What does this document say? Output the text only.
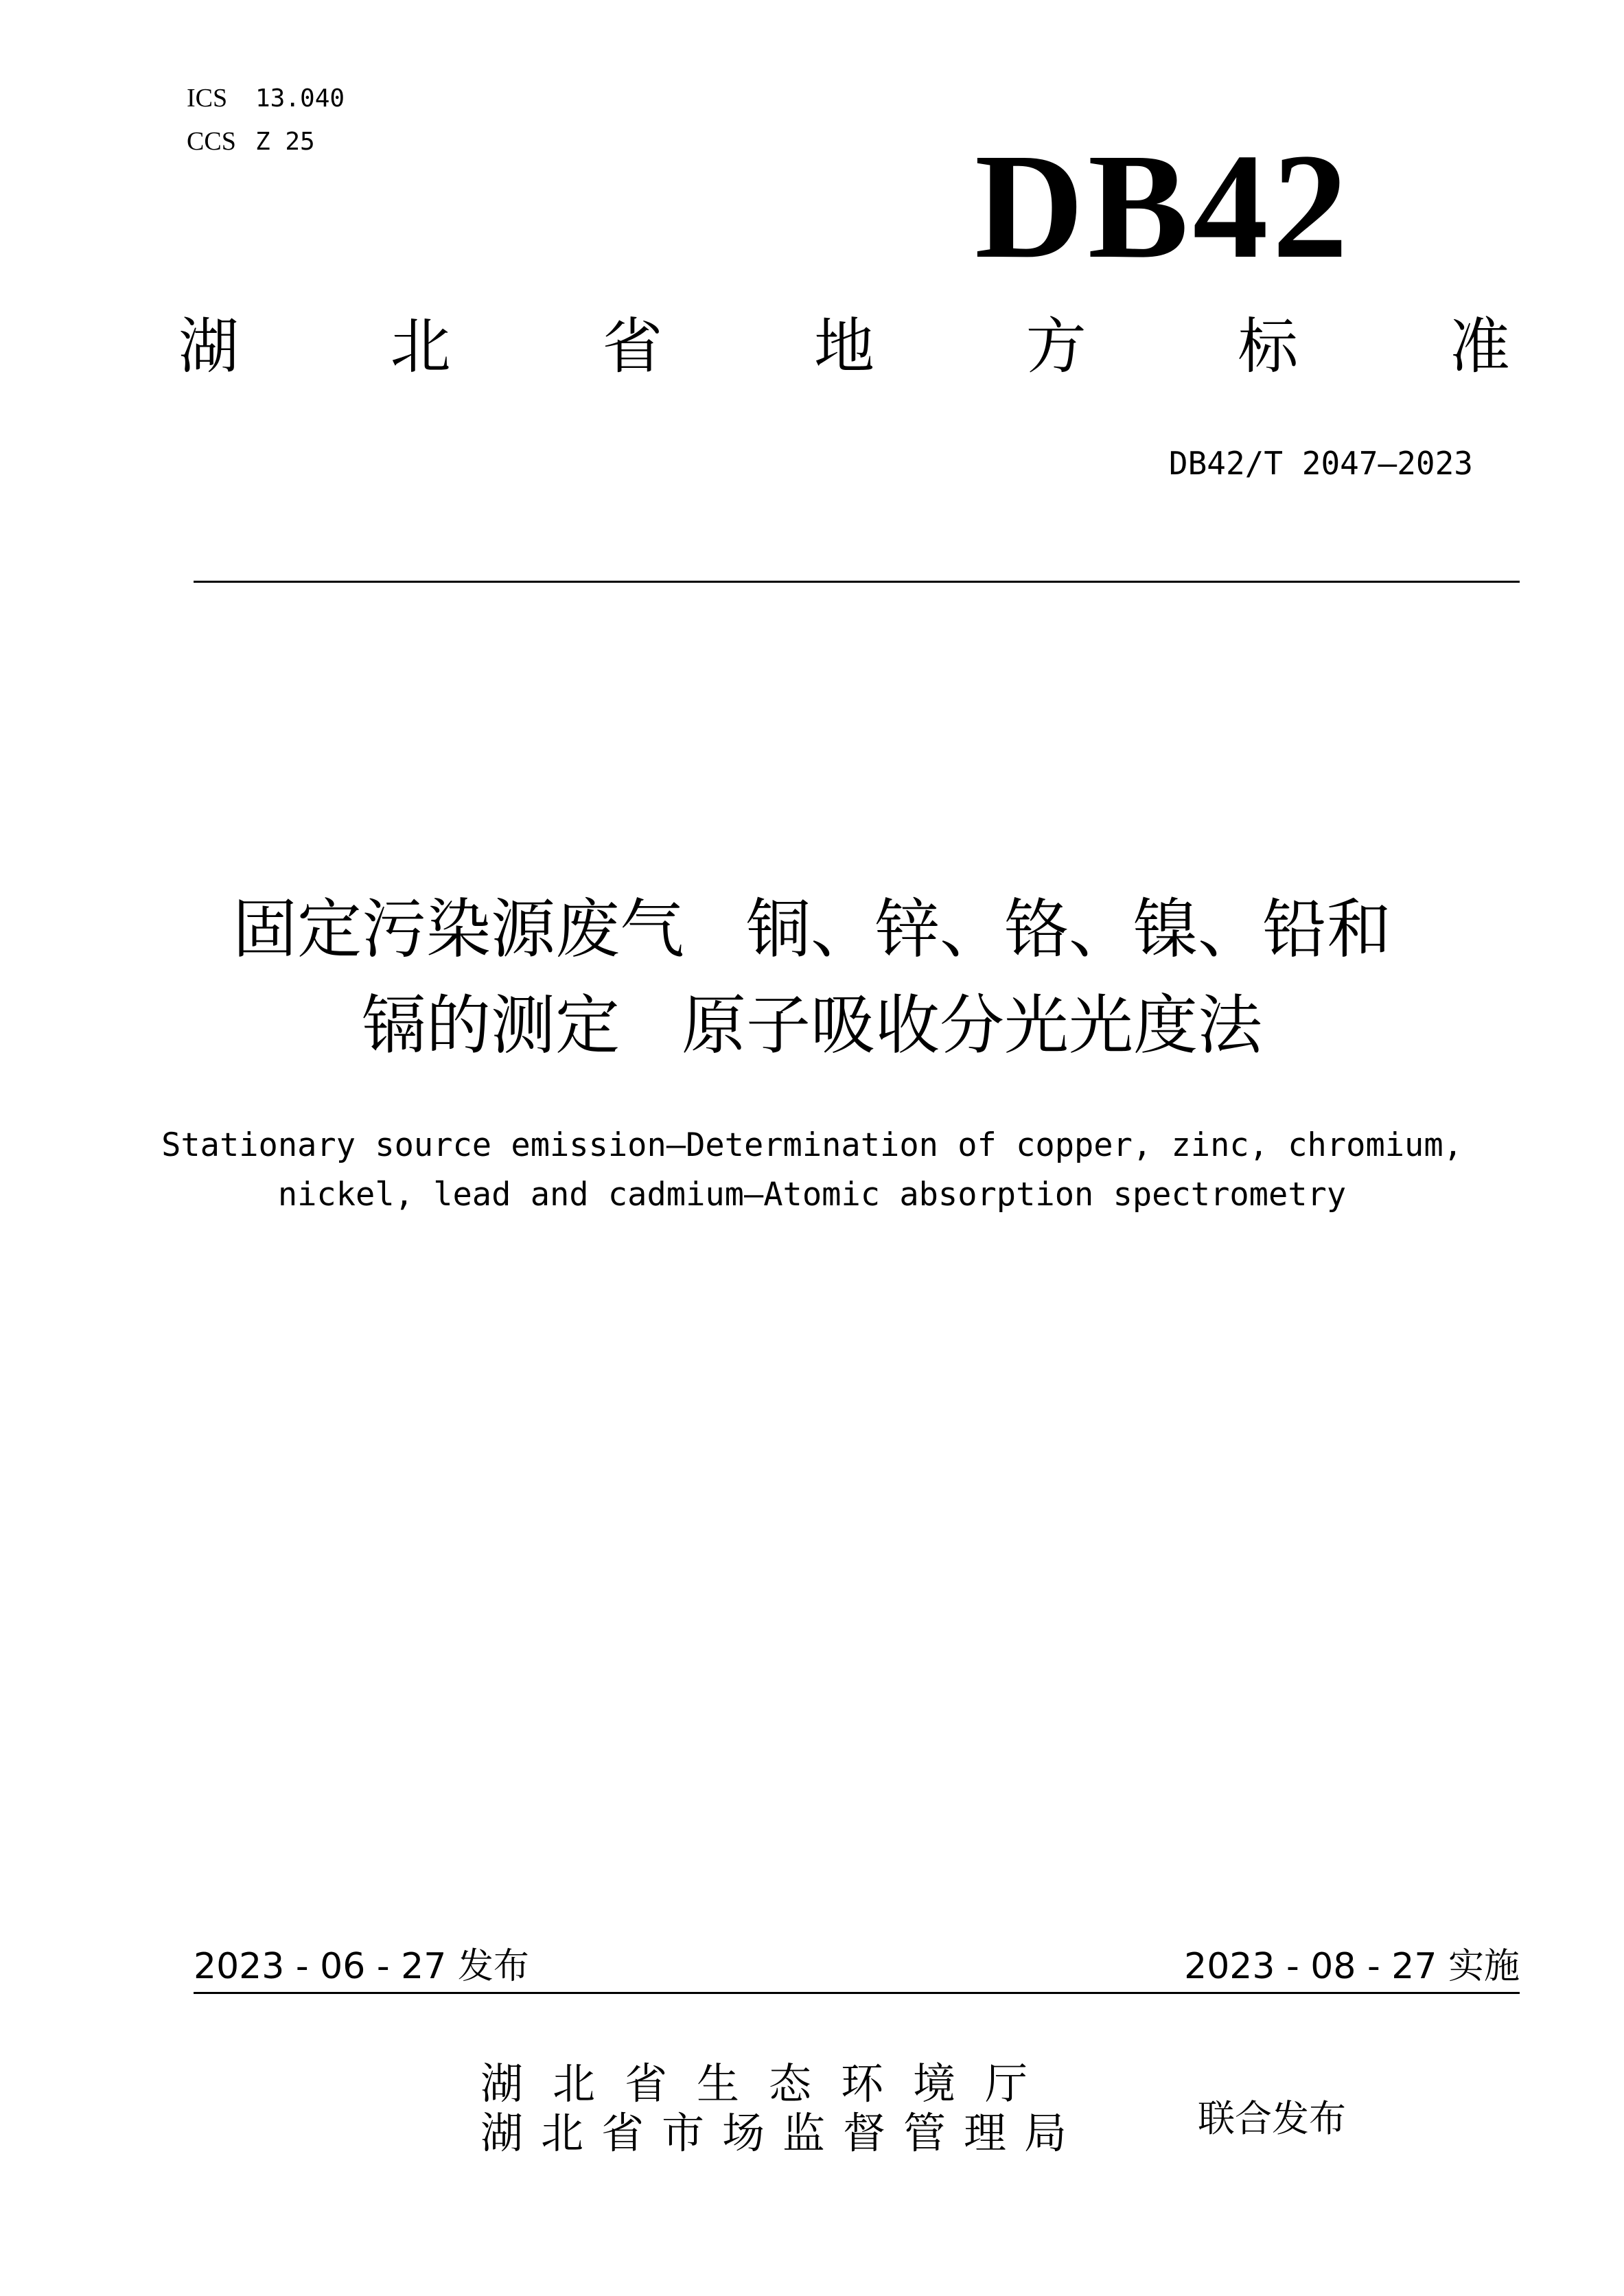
ICS	13.040
CCS Z 25	DB42
湖	北	省	地	方	标	准
DB42/T 2047—2023
固定污染源废气 铜、锌、铬、镍、铅和
镉的测定 原子吸收分光光度法
Stationary source emission—Determination of copper, zinc, chromium,
nickel, lead and cadmium—Atomic absorption spectrometry
2023 - 06 - 27 发布	2023 - 08 - 27 实施
湖北省生态环境厅
湖北省市场监督管理局	联合发布
